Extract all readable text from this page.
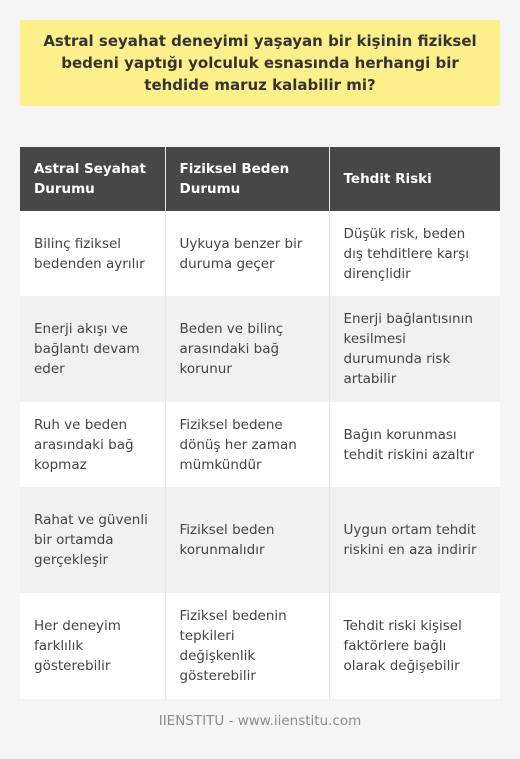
Astral seyahat deneyimi yaşayan bir kişinin fiziksel bedeni yaptığı yolculuk esnasında herhangi bir tehdide maruz kalabilir mi?
Astral Seyahat Durumu	Fiziksel Beden Durumu	Tehdit Riski
Bilinç fiziksel bedenden ayrılır	Uykuya benzer bir duruma geçer	Düşük risk, beden dış tehditlere karşı dirençlidir
Enerji akışı ve bağlantı devam eder	Beden ve bilinç arasındaki bağ korunur	Enerji bağlantısının kesilmesi durumunda risk artabilir
Ruh ve beden arasındaki bağ kopmaz	Fiziksel bedene dönüş her zaman mümkündür	Bağın korunması tehdit riskini azaltır
Rahat ve güvenli bir ortamda gerçekleşir	Fiziksel beden korunmalıdır	Uygun ortam tehdit riskini en aza indirir
Her deneyim farklılık gösterebilir	Fiziksel bedenin tepkileri değişkenlik gösterebilir	Tehdit riski kişisel faktörlere bağlı olarak değişebilir
IIENSTITU - www.iienstitu.com
